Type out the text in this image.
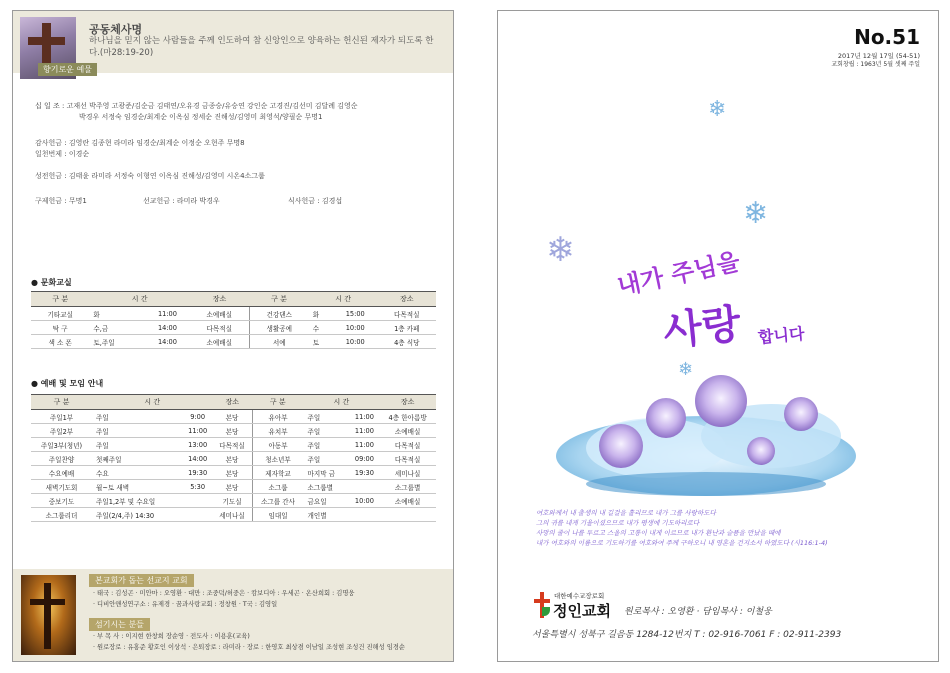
향기로운 예물
공동체사명
하나님을 믿지 않는 사람들을 주께 인도하여 참 신앙인으로 양육하는 헌신된 제자가 되도록 한다.(마28:19-20)
십 일 조 : 고재선 박주영 고광준/김순금 김태연/오유경 금종승/유승연 강인순 고경진/김선미 김달례 김영순
박경우 서정숙 임경순/최계순 이옥심 정세순 진해성/김영미 최영석/양필순 무명1
감사헌금 : 김영란 김종현 라미라 임경순/최계순 이정순 오현주 무명8
일천번제 : 이경순
성전헌금 : 김태윤 라미라 서정숙 이형연 이옥심 진해성/김영미 시온4소그룹
구제헌금 : 무명1	선교헌금 : 라미라 박경우	식사헌금 : 김경섭
● 문화교실
구 분	시 간		장소	구 분	시 간		장소
기타교실	화	11:00	소예배실	건강댄스	화	15:00	다목적실
탁 구	수,금	14:00	다목적실	생활공예	수	10:00	1층 카페
색 소 폰	토,주일	14:00	소예배실	서예	토	10:00	4층 식당
● 예배 및 모임 안내
구 분	시 간		장소	구 분	시 간		장소
주일1부	주일	9:00	본당	유아부	주일	11:00	4층 한아름방
주일2부	주일	11:00	본당	유치부	주일	11:00	소예배실
주일3부(청년)	주일	13:00	다목적실	아동부	주일	11:00	다목적실
주일찬양	첫째주일	14:00	본당	청소년부	주일	09:00	다목적실
수요예배	수요	19:30	본당	제자학교	마지막 금	19:30	세미나실
새벽기도회	월~토 새벽	5:30	본당	소그룹	소그룹별		소그룹별
중보기도	주일1,2부 및 수요일		기도실	소그룹 간사	금요일	10:00	소예배실
소그룹리더	주일(2/4,주) 14:30		세미나실	임대일	개인별		
본교회가 돕는 선교지 교회
· 태국 : 김성곤 · 미안마 : 오영환 · 대만 : 조중덕/허중은 · 캄보디아 : 우세곤 · 온산희회 : 김명웅
· 디비안앤성연구소 : 유제경 · 꿈과사랑교회 : 정창원 · T국 : 김영일
섬기시는 분들
· 부 목 사 : 이지현 한창희 장순영 · 전도사 : 이용훈(교육)
· 원로장로 : 유홍준 황호인 이상석 · 은퇴장로 : 라미라 · 장로 : 한영호 최상겸 이남일 조성현 조성건 진해성 임경순
No.51
2017년 12월 17일 (54-51)
교회창립 : 1963년 5월 셋째 주일
❄
❄
❄
❄
내가 주님을
사랑 합니다
여호와께서 내 출생의 내 길걸을 흘리므로 내가 그를 사랑하도다
그의 귀를 내게 기울이셨으므로 내가 평생에 기도하리로다
사망의 줄이 나를 두르고 스올의 고통이 내게 이르므로 내가 환난과 슬픔을 만났을 때에
내가 여호와의 이름으로 기도하기를 여호와여 주께 구하오니 내 영혼을 건지소서 하였도다 (시116:1-4)
대한예수교장로회
정인교회 원로목사 : 오영환 · 담임목사 : 이철웅
서울특별시 성북구 길음동 1284-12번지 T : 02-916-7061 F : 02-911-2393
